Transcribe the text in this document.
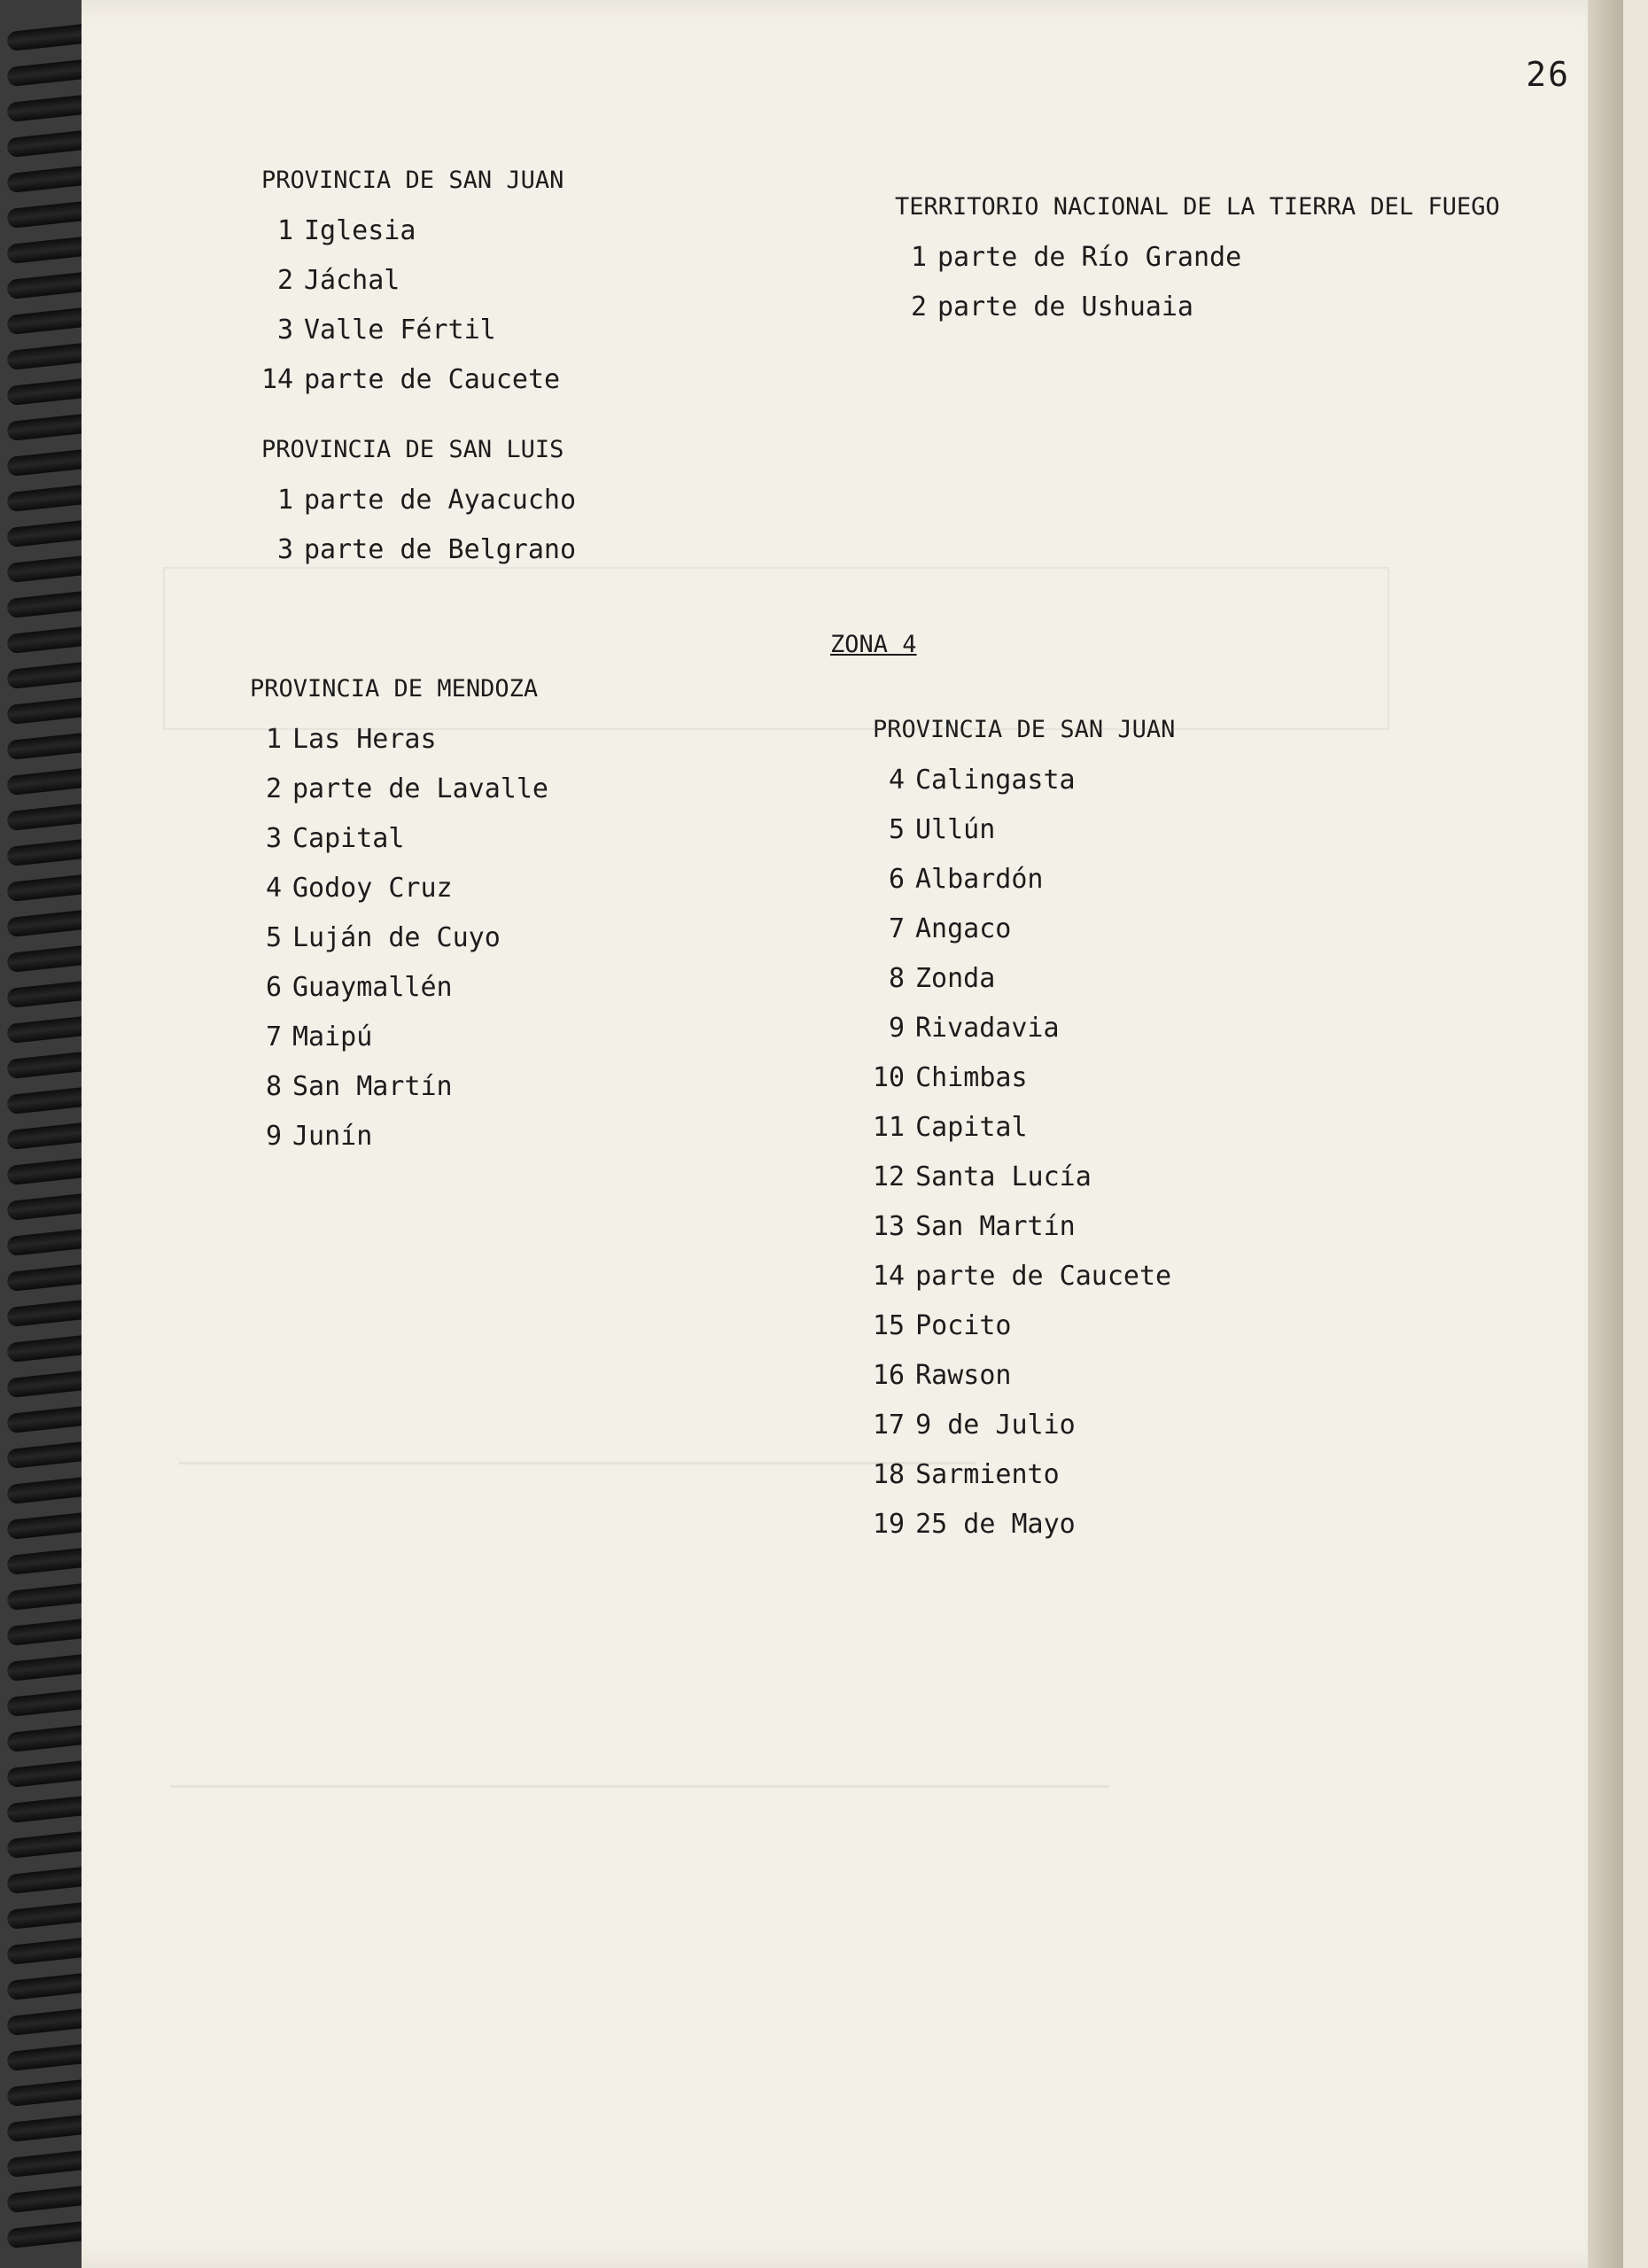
26
PROVINCIA DE SAN JUAN
1 Iglesia
2 Jáchal
3 Valle Fértil
14 parte de Caucete
PROVINCIA DE SAN LUIS
1 parte de Ayacucho
3 parte de Belgrano
ZONA 4
PROVINCIA DE MENDOZA
1 Las Heras
2 parte de Lavalle
3 Capital
4 Godoy Cruz
5 Luján de Cuyo
6 Guaymallén
7 Maipú
8 San Martín
9 Junín
TERRITORIO NACIONAL DE LA TIERRA DEL FUEGO
1 parte de Río Grande
2 parte de Ushuaia
PROVINCIA DE SAN JUAN
4 Calingasta
5 Ullún
6 Albardón
7 Angaco
8 Zonda
9 Rivadavia
10 Chimbas
11 Capital
12 Santa Lucía
13 San Martín
14 parte de Caucete
15 Pocito
16 Rawson
17 9 de Julio
18 Sarmiento
19 25 de Mayo
